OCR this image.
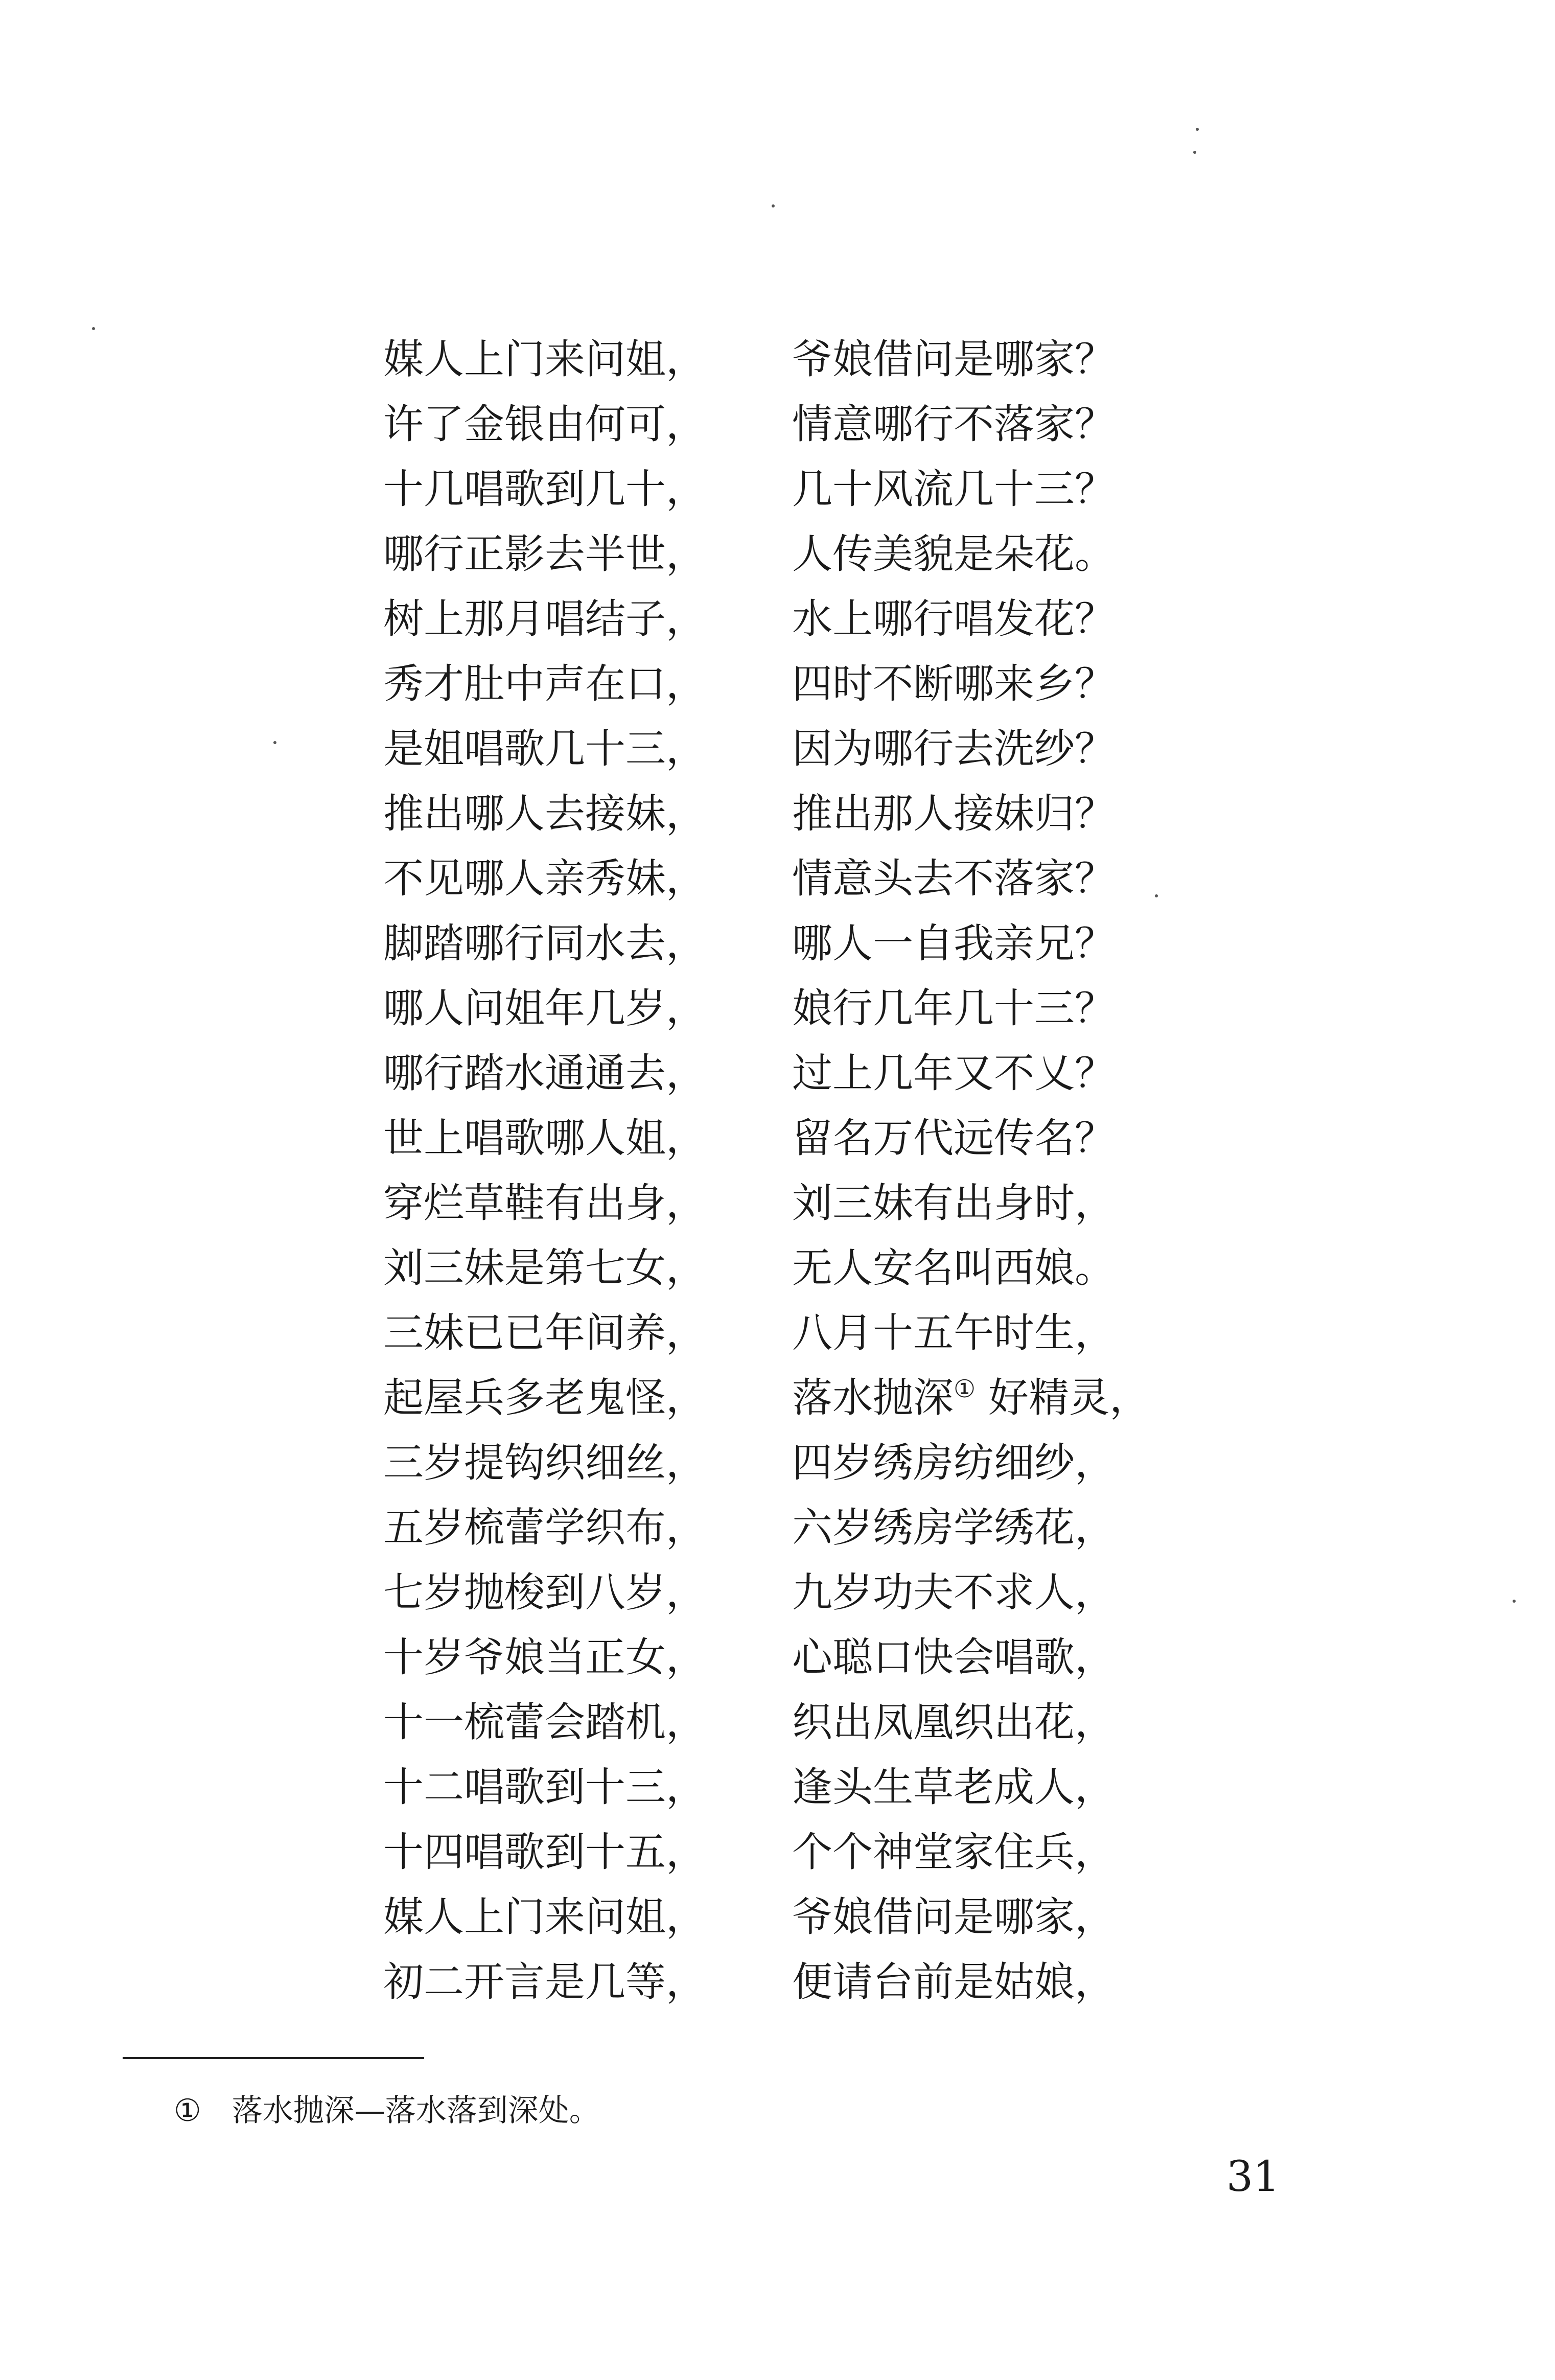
媒人上门来问姐， 爷娘借问是哪家？
许了金银由何可， 情意哪行不落家？
十几唱歌到几十， 几十风流几十三？
哪行正影去半世， 人传美貌是朵花。
树上那月唱结子， 水上哪行唱发花？
秀才肚中声在口， 四时不断哪来乡？
是姐唱歌几十三， 因为哪行去洗纱？
推出哪人去接妹， 推出那人接妹归？
不见哪人亲秀妹， 情意头去不落家？
脚踏哪行同水去， 哪人一自我亲兄？
哪人问姐年几岁， 娘行几年几十三？
哪行踏水通通去， 过上几年又不乂？
世上唱歌哪人姐， 留名万代远传名？
穿烂草鞋有出身， 刘三妹有出身时，
刘三妹是第七女， 无人安名叫西娘。
三妹已已年间养， 八月十五午时生，
起屋兵多老鬼怪， 落水抛深① 好精灵，
三岁提钩织细丝， 四岁绣房纺细纱，
五岁梳蕾学织布， 六岁绣房学绣花，
七岁抛梭到八岁， 九岁功夫不求人，
十岁爷娘当正女， 心聪口快会唱歌，
十一梳蕾会踏机， 织出凤凰织出花，
十二唱歌到十三， 逢头生草老成人，
十四唱歌到十五， 个个神堂家住兵，
媒人上门来问姐， 爷娘借问是哪家，
初二开言是几等， 便请台前是姑娘，
① 落水抛深—落水落到深处。
31
